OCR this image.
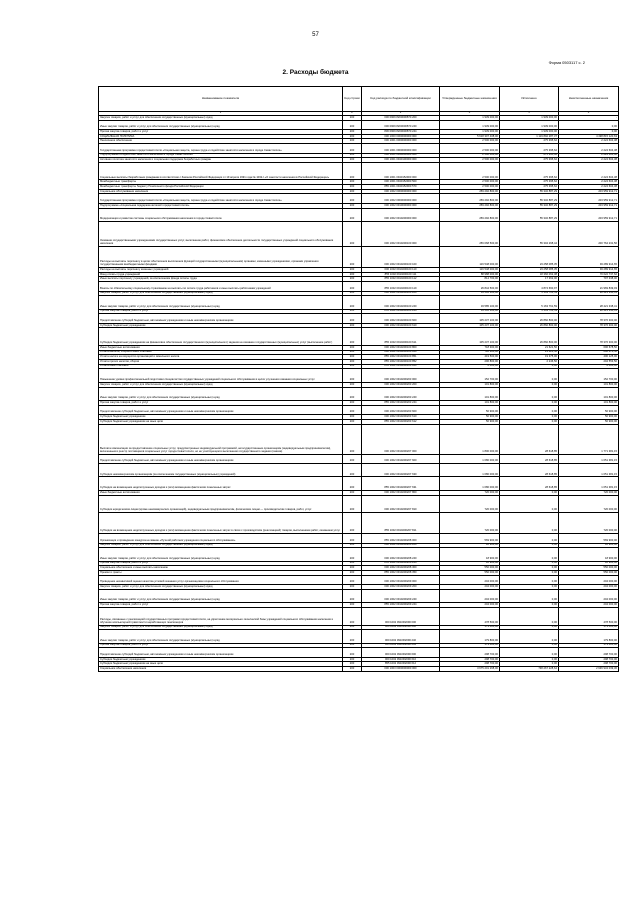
57
Форма 0503117 с. 2
2. Расходы бюджета
Наименование показателя	Код строки	Код расхода по бюджетной классификации	Утвержденные бюджетные назначения	Исполнено	Неисполненные назначения
1	2	3	4	5	6
Закупка товаров, работ и услуг для обеспечения государственных (муниципальных) нужд	200	000 0909 8200000870 200	1 939 000,00	1 939 000,00	-
Иные закупки товаров, работ и услуг для обеспечения государственных (муниципальных) нужд	200	000 0909 8200000870 240	1 939 000,00	1 939 000,00	0,00
Прочая закупка товаров, работ и услуг	200	806 0909 8200000870 244	1 939 000,00	1 939 000,00	0,00
СОЦИАЛЬНАЯ ПОЛИТИКА	200	000 1000 0000000000 000	5 618 307 408,00	1 119 892 287,37	4 498 815 120,63
Пенсионное обеспечение	200	000 1001 0000000000 000	2 500 000,00	275 395,62	2 224 604,38
Государственная программа города Севастополя «Социальная защита, охрана труда и содействие занятости населения в городе Севастополе»	200	000 1001 0900000000 000	2 500 000,00	275 395,62	2 224 604,38
Подпрограмма «Содействие занятости населения в городе Севастополе»	200	000 1001 0940000000 000	2 500 000,00	275 395,62	2 224 604,38
Активная политика занятости населения и социальная поддержка безработных граждан	200	000 1001 0940100000 000	2 500 000,00	275 395,62	2 224 604,38
Социальные выплаты безработным гражданам в соответствии с Законом Российской Федерации от 19 апреля 1991 года № 1032-I «О занятости населения в Российской Федерации»	200	000 1001 0940152900 000	2 500 000,00	275 395,62	2 224 604,38
Межбюджетные трансферты	200	000 1001 0940152900 500	2 500 000,00	275 395,62	2 224 604,38
Межбюджетные трансферты бюджету Пенсионного фонда Российской Федерации	200	855 1001 0940152900 570	2 500 000,00	275 395,62	2 224 604,38
Социальное обслуживание населения	200	000 1002 0000000000 000	259 292 800,00	55 332 887,29	203 959 912,71
Государственная программа города Севастополя «Социальная защита, охрана труда и содействие занятости населения в городе Севастополе»	200	000 1002 0900000000 000	259 292 800,00	55 332 887,29	203 959 912,71
Подпрограмма «Социальная поддержка жителей города Севастополя»	200	000 1002 0910000000 000	259 292 800,00	55 332 887,29	203 959 912,71
Модернизация и развитие системы социального обслуживания населения в городе Севастополе	200	000 1002 0910200000 000	259 292 800,00	55 332 887,29	203 959 912,71
Оказание государственными учреждениями государственных услуг, выполнение работ, финансовое обеспечение деятельности государственных учреждений социального обслуживания населения	200	000 1002 0910200100 000	256 068 500,00	55 304 268,44	200 764 231,56
Расходы на выплаты персоналу в целях обеспечения выполнения функций государственными (муниципальными) органами, казенными учреждениями, органами управления государственными внебюджетными фондами	200	000 1002 0910200100 100	116 548 000,00	23 258 085,35	93 289 914,65
Расходы на выплаты персоналу казенных учреждений	200	000 1002 0910200100 110	116 548 000,00	23 258 085,35	93 289 914,65
Фонд оплаты труда учреждений	200	855 1002 0910200100 111	88 988 000,00	18 366 062,38	70 622 737,62
Иные выплаты персоналу учреждений, за исключением фонда оплаты труда	200	855 1002 0910200100 112	814 700,00	17 362,00	797 338,00
Взносы по обязательному социальному страхованию на выплаты по оплате труда работников и иные выплаты работникам учреждений	200	855 1002 0910200100 119	26 844 500,00	4 874 660,97	21 969 839,03
Закупка товаров, работ и услуг для обеспечения государственных (муниципальных) нужд	200	000 1002 0910200100 200	33 585 100,00	5 163 761,59	28 421 338,41
Иные закупки товаров, работ и услуг для обеспечения государственных (муниципальных) нужд	200	000 1002 0910200100 240	33 585 100,00	5 163 761,59	28 421 338,41
Прочая закупка товаров, работ и услуг	200	855 1002 0910200100 244	33 585 100,00	5 163 761,59	28 421 338,41
Предоставление субсидий бюджетным, автономным учреждениям и иным некоммерческим организациям	200	000 1002 0910200100 600	105 237 100,00	26 860 800,00	78 376 300,00
Субсидии бюджетным учреждениям	200	000 1002 0910200100 610	105 237 100,00	26 860 800,00	78 376 300,00
Субсидии бюджетным учреждениям на финансовое обеспечение государственного (муниципального) задания на оказание государственных (муниципальных) услуг (выполнение работ)	200	855 1002 0910200100 611	105 237 100,00	26 860 800,00	78 376 300,00
Иные бюджетные ассигнования	200	000 1002 0910200100 800	718 300,00	21 621,50	696 678,50
Уплата налогов, сборов и иных платежей	200	000 1002 0910200100 850	718 300,00	21 621,50	696 678,50
Уплата налога на имущество организаций и земельного налога	200	855 1002 0910200100 851	419 500,00	19 375,00	400 125,00
Уплата прочих налогов, сборов	200	855 1002 0910200100 852	296 800,00	2 246,50	294 553,50
Уплата иных платежей	200	855 1002 0910200100 853	2 000,00	0,00	2 000,00
Повышение уровня профессиональной подготовки специалистов государственных учреждений социального обслуживания в целях улучшения оказания социальных услуг	200	000 1002 0910200203 000	152 700,00	0,00	152 700,00
Закупка товаров, работ и услуг для обеспечения государственных (муниципальных) нужд	200	000 1002 0910200203 200	101 800,00	0,00	101 800,00
Иные закупки товаров, работ и услуг для обеспечения государственных (муниципальных) нужд	200	000 1002 0910200203 240	101 800,00	0,00	101 800,00
Прочая закупка товаров, работ и услуг	200	855 1002 0910200203 244	101 800,00	0,00	101 800,00
Предоставление субсидий бюджетным, автономным учреждениям и иным некоммерческим организациям	200	000 1002 0910200203 600	50 900,00	0,00	50 900,00
Субсидии бюджетным учреждениям	200	000 1002 0910200203 610	50 900,00	0,00	50 900,00
Субсидии бюджетным учреждениям на иные цели	200	855 1002 0910200203 612	50 900,00	0,00	50 900,00
Выплата компенсации за предоставление социальных услуг, предусмотренных индивидуальной программой, негосударственным организациям (индивидуальным предпринимателям), включенным в реестр поставщиков социальных услуг города Севастополя, но не участвующим в выполнении государственного задания (заказа)	200	000 1002 0910200207 000	1 800 000,00	28 618,85	1 771 381,15
Предоставление субсидий бюджетным, автономным учреждениям и иным некоммерческим организациям	200	000 1002 0910200207 600	1 080 000,00	28 618,85	1 051 381,15
Субсидии некоммерческим организациям (за исключением государственных (муниципальных) учреждений)	200	000 1002 0910200207 630	1 080 000,00	28 618,85	1 051 381,15
Субсидии на возмещение недополученных доходов и (или) возмещение фактически понесенных затрат	200	855 1002 0910200207 631	1 080 000,00	28 618,85	1 051 381,15
Иные бюджетные ассигнования	200	000 1002 0910200207 800	720 000,00	0,00	720 000,00
Субсидии юридическим лицам (кроме некоммерческих организаций), индивидуальным предпринимателям, физическим лицам — производителям товаров, работ, услуг	200	000 1002 0910200207 810	720 000,00	0,00	720 000,00
Субсидии на возмещение недополученных доходов и (или) возмещение фактически понесенных затрат в связи с производством (реализацией) товаров, выполнением работ, оказанием услуг	200	855 1002 0910200207 811	720 000,00	0,00	720 000,00
Организация и проведение конкурса на звание «Лучший работник учреждения социального обслуживания»	200	855 1002 0910200208 000	569 900,00	0,00	569 900,00
Закупка товаров, работ и услуг для обеспечения государственных (муниципальных) нужд	200	000 1002 0910200208 200	18 900,00	0,00	18 900,00
Иные закупки товаров, работ и услуг для обеспечения государственных (муниципальных) нужд	200	000 1002 0910200208 240	18 900,00	0,00	18 900,00
Прочая закупка товаров, работ и услуг	200	855 1002 0910200208 244	18 900,00	0,00	18 900,00
Социальное обеспечение и иные выплаты населению	200	000 1002 0910200208 300	550 000,00	0,00	550 000,00
Премии и гранты	200	855 1002 0910200208 350	550 000,00	0,00	550 000,00
Проведение независимой оценки качества условий оказания услуг организациями социального обслуживания	200	000 1002 0910200209 000	204 000,00	0,00	204 000,00
Закупка товаров, работ и услуг для обеспечения государственных (муниципальных) нужд	200	000 1002 0910200209 200	204 000,00	0,00	204 000,00
Иные закупки товаров, работ и услуг для обеспечения государственных (муниципальных) нужд	200	000 1002 0910200209 240	204 000,00	0,00	204 000,00
Прочая закупка товаров, работ и услуг	200	855 1002 0910200209 244	204 000,00	0,00	204 000,00
Расходы, связанные с реализацией государственных программ города Севастополя, на укрепление материально-технической базы учреждений социального обслуживания населения и обучение компьютерной грамотности неработающих пенсионеров	200	000 1002 0910R2090 000	478 500,00	0,00	478 500,00
Закупка товаров, работ и услуг для обеспечения государственных (муниципальных) нужд	200	000 1002 0910R2090 200	179 800,00	0,00	179 800,00
Иные закупки товаров, работ и услуг для обеспечения государственных (муниципальных) нужд	200	000 1002 0910R2090 240	179 800,00	0,00	179 800,00
Прочая закупка товаров, работ и услуг	200	855 1002 0910R2090 244	179 800,00	0,00	179 800,00
Предоставление субсидий бюджетным, автономным учреждениям и иным некоммерческим организациям	200	000 1002 0910R2090 600	298 700,00	0,00	298 700,00
Субсидии бюджетным учреждениям	200	000 1002 0910R2090 610	298 700,00	0,00	298 700,00
Субсидии бюджетным учреждениям на иные цели	200	855 1002 0910R2090 612	298 700,00	0,00	298 700,00
Социальное обеспечение населения	200	000 1003 0000000000 000	3 675 201 268,00	738 267 228,64	2 936 934 039,36
